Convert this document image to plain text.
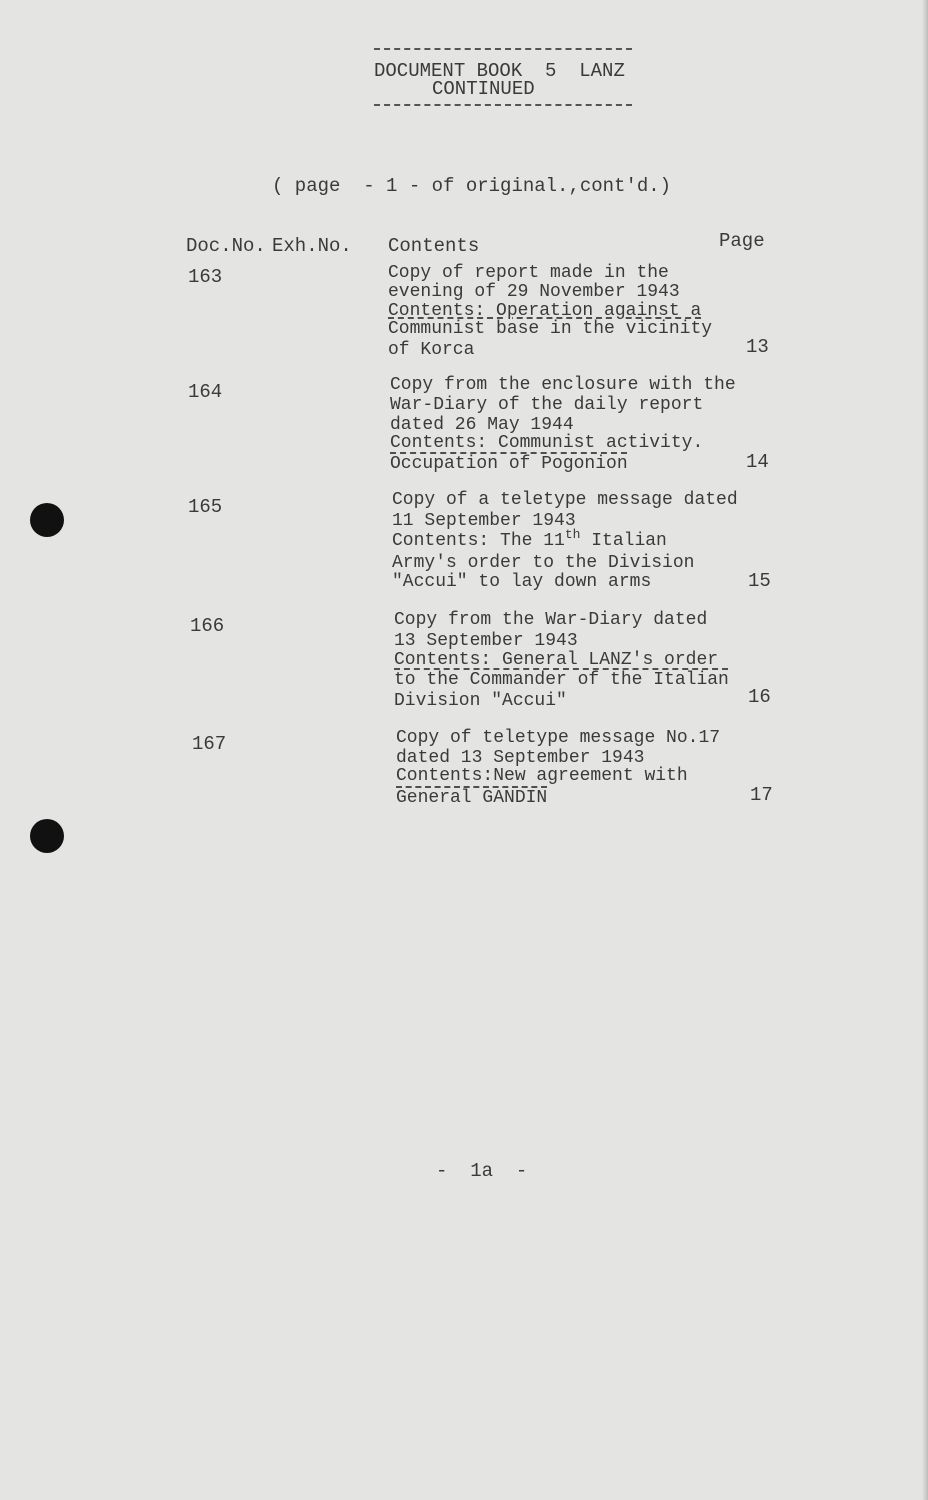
DOCUMENT BOOK  5  LANZ
CONTINUED
( page  - 1 - of original.,cont'd.)
Doc.No. Exh.No. Contents	Page
163	Copy of report made in the
evening of 29 November 1943
Contents: Operation against a
Communist base in the vicinity
of Korca	13
164	Copy from the enclosure with the
War-Diary of the daily report
dated 26 May 1944
Contents: Communist activity.
Occupation of Pogonion	14
165	Copy of a teletype message dated
11 September 1943
Contents: The 11th Italian
Army's order to the Division
"Accui" to lay down arms	15
166	Copy from the War-Diary dated
13 September 1943
Contents: General LANZ's order
to the Commander of the Italian
Division "Accui"	16
167	Copy of teletype message No.17
dated 13 September 1943
Contents:New agreement with
General GANDIN	17
-  1a  -
